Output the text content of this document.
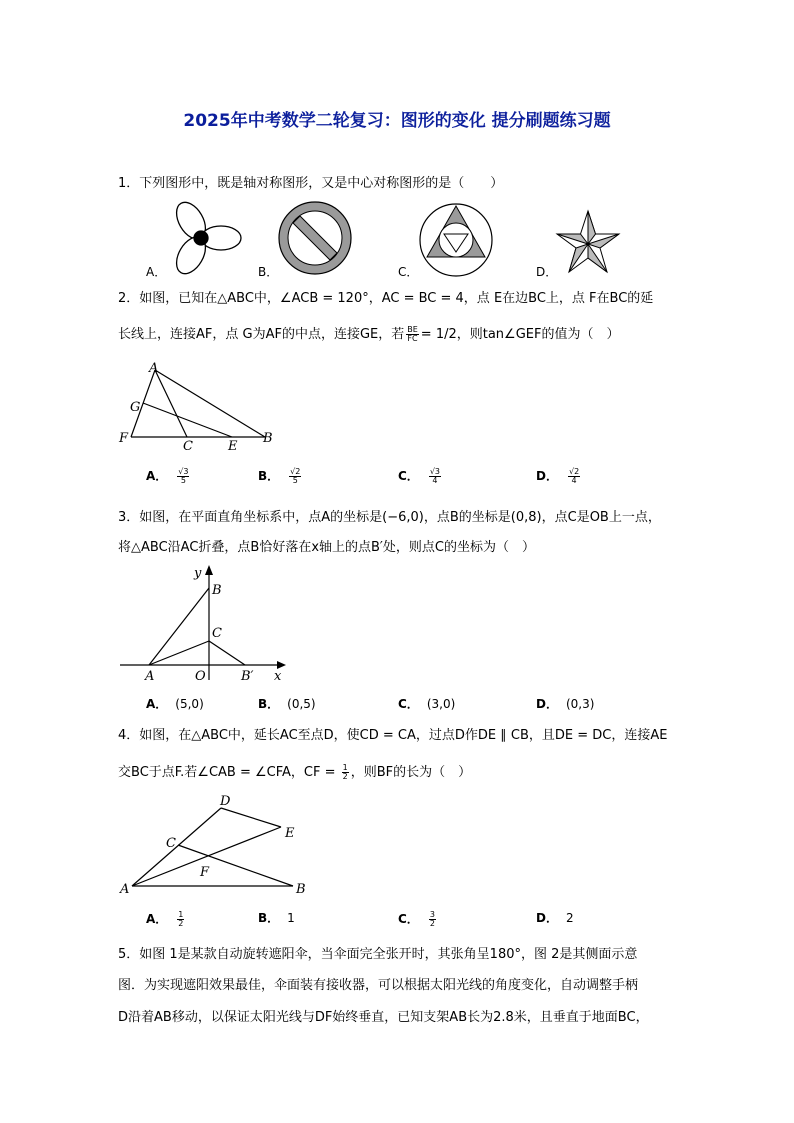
2025年中考数学二轮复习：图形的变化 提分刷题练习题
1．下列图形中，既是轴对称图形，又是中心对称图形的是（　　）
A．	B．	C．	D．
2．如图，已知在△ABC中，∠ACB = 120°，AC = BC = 4，点 E在边BC上，点 F在BC的延
长线上，连接AF，点 G为AF的中点，连接GE，若 $\frac{BE}{FC} = 1/2$，则tan∠GEF的值为（　）
A
G
F
C	E
B
A． $\frac{√3}{5}$	B． $\frac{√2}{5}$	C． $\frac{√3}{4}$	D． $\frac{√2}{4}$
3．如图，在平面直角坐标系中，点A的坐标是(−6,0)，点B的坐标是(0,8)，点C是OB上一点，
将△ABC沿AC折叠，点B恰好落在x轴上的点B′处，则点C的坐标为（　）
y
B
C
A	O	B′ x
A． (5,0)	B． (0,5)	C． (3,0)	D． (0,3)
4．如图，在△ABC中，延长AC至点D，使CD = CA，过点D作DE ∥ CB，且DE = DC，连接AE
交BC于点F.若∠CAB = ∠CFA，CF = $\frac{1}{2}$ ，则BF的长为（　）
D
E
C
F
A	B
A． $\frac{1}{2}$	B． 1	C． $\frac{3}{2}$	D． 2
5．如图 1是某款自动旋转遮阳伞，当伞面完全张开时，其张角呈180°，图 2是其侧面示意
图．为实现遮阳效果最佳，伞面装有接收器，可以根据太阳光线的角度变化，自动调整手柄
D沿着AB移动，以保证太阳光线与DF始终垂直，已知支架AB长为2.8米，且垂直于地面BC，
